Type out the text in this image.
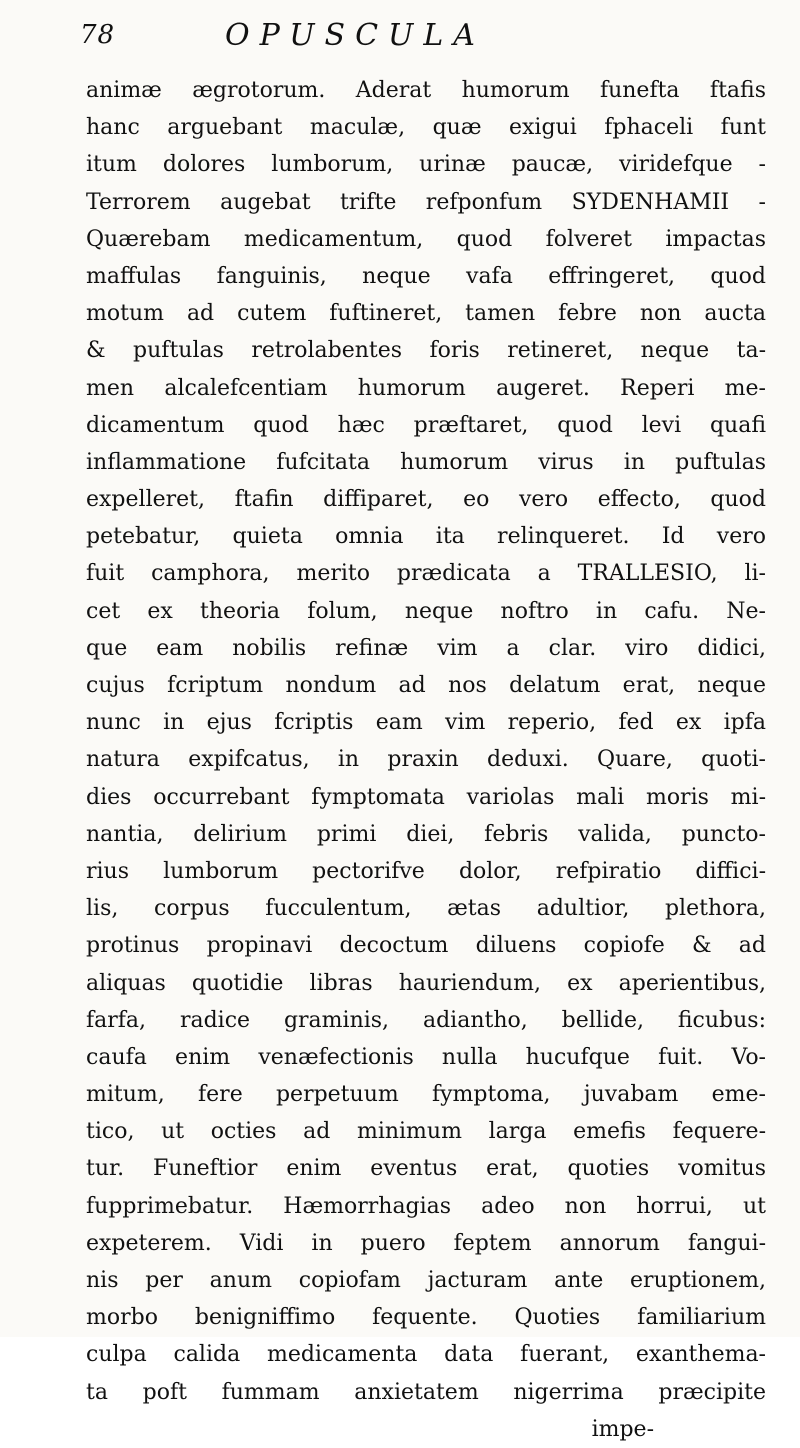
78	OPUSCULA
animæ ægrotorum. Aderat humorum funefta ftafis
hanc arguebant maculæ, quæ exigui fphaceli funt
itum dolores lumborum, urinæ paucæ, viridefque -
Terrorem augebat trifte refponfum SYDENHAMII -
Quærebam medicamentum, quod folveret impactas
maffulas fanguinis, neque vafa effringeret, quod
motum ad cutem fuftineret, tamen febre non aucta
& puftulas retrolabentes foris retineret, neque ta-
men alcalefcentiam humorum augeret. Reperi me-
dicamentum quod hæc præftaret, quod levi quafi
inflammatione fufcitata humorum virus in puftulas
expelleret, ftafin diffiparet, eo vero effecto, quod
petebatur, quieta omnia ita relinqueret. Id vero
fuit camphora, merito prædicata a TRALLESIO, li-
cet ex theoria folum, neque noftro in cafu. Ne-
que eam nobilis refinæ vim a clar. viro didici,
cujus fcriptum nondum ad nos delatum erat, neque
nunc in ejus fcriptis eam vim reperio, fed ex ipfa
natura expifcatus, in praxin deduxi. Quare, quoti-
dies occurrebant fymptomata variolas mali moris mi-
nantia, delirium primi diei, febris valida, puncto-
rius lumborum pectorifve dolor, refpiratio diffici-
lis, corpus fucculentum, ætas adultior, plethora,
protinus propinavi decoctum diluens copiofe & ad
aliquas quotidie libras hauriendum, ex aperientibus,
farfa, radice graminis, adiantho, bellide, ficubus:
caufa enim venæfectionis nulla hucufque fuit. Vo-
mitum, fere perpetuum fymptoma, juvabam eme-
tico, ut octies ad minimum larga emefis fequere-
tur. Funeftior enim eventus erat, quoties vomitus
fupprimebatur. Hæmorrhagias adeo non horrui, ut
expeterem. Vidi in puero feptem annorum fangui-
nis per anum copiofam jacturam ante eruptionem,
morbo benigniffimo fequente. Quoties familiarium
culpa calida medicamenta data fuerant, exanthema-
ta poft fummam anxietatem nigerrima præcipite
impe-
